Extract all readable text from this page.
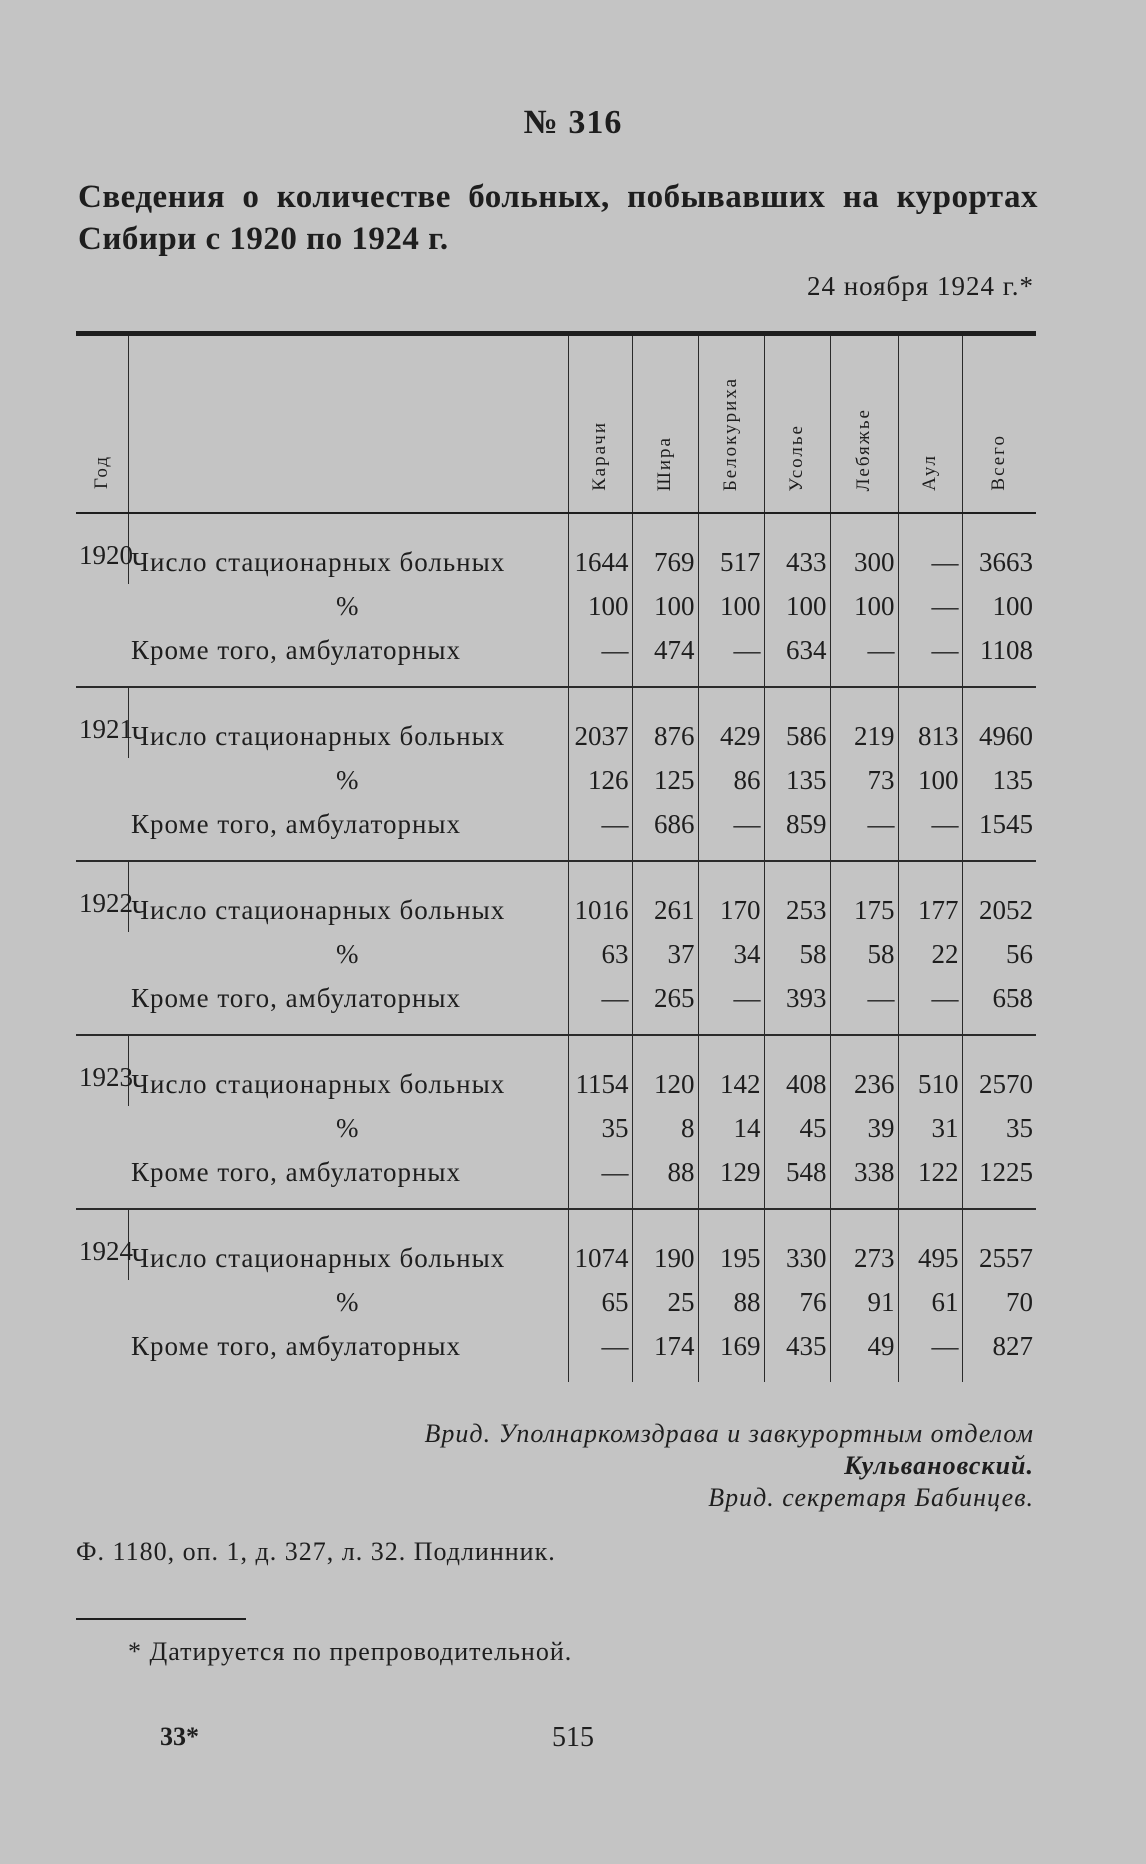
№ 316
Сведения о количестве больных, побывавших на курортах Сибири с 1920 по 1924 г.
24 ноября 1924 г.*
Год		Карачи	Шира	Белокуриха	Усолье	Лебяжье	Аул	Всего
1920	Число стационарных больных	1644	769	517	433	300	—	3663
	%	100	100	100	100	100	—	100
	Кроме того, амбулаторных	—	474	—	634	—	—	1108
1921	Число стационарных больных	2037	876	429	586	219	813	4960
	%	126	125	86	135	73	100	135
	Кроме того, амбулаторных	—	686	—	859	—	—	1545
1922	Число стационарных больных	1016	261	170	253	175	177	2052
	%	63	37	34	58	58	22	56
	Кроме того, амбулаторных	—	265	—	393	—	—	658
1923	Число стационарных больных	1154	120	142	408	236	510	2570
	%	35	8	14	45	39	31	35
	Кроме того, амбулаторных	—	88	129	548	338	122	1225
1924	Число стационарных больных	1074	190	195	330	273	495	2557
	%	65	25	88	76	91	61	70
	Кроме того, амбулаторных	—	174	169	435	49	—	827
Врид. Уполнаркомздрава и завкурортным отделом
Кульвановский.
Врид. секретаря Бабинцев.
Ф. 1180, оп. 1, д. 327, л. 32. Подлинник.
* Датируется по препроводительной.
33*	515
